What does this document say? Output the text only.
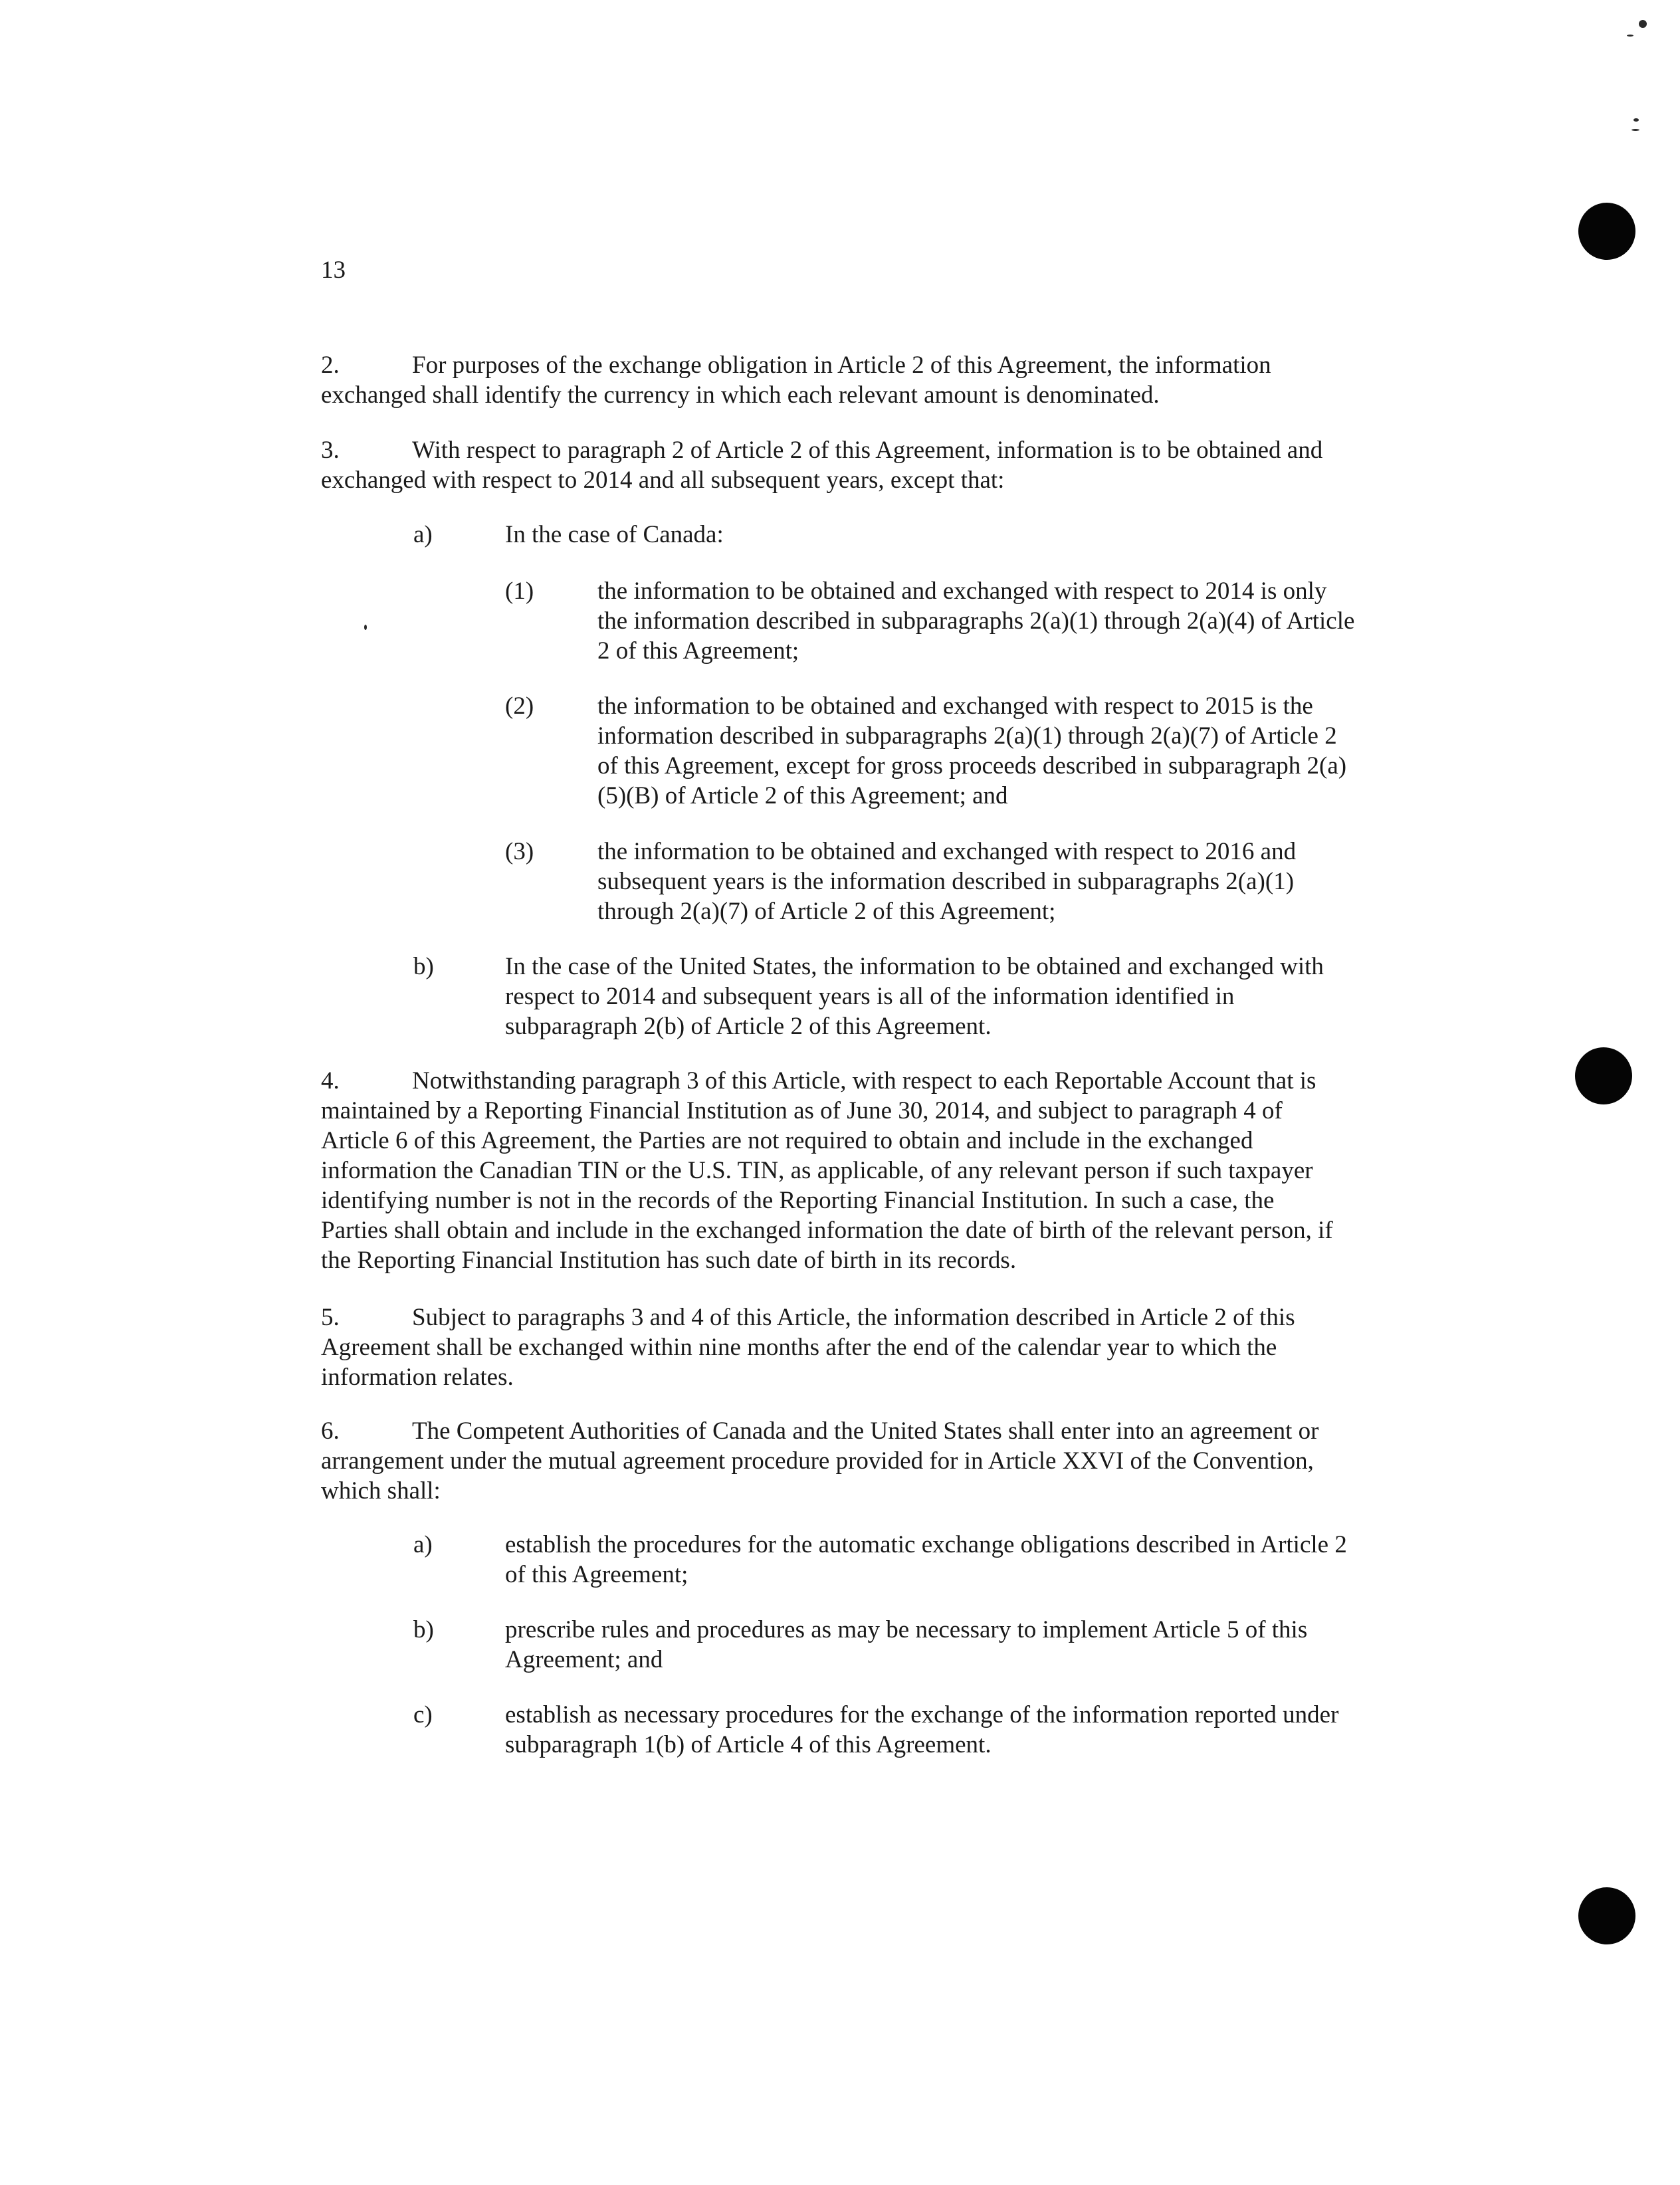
13
2.	For purposes of the exchange obligation in Article 2 of this Agreement, the information exchanged shall identify the currency in which each relevant amount is denominated.
3.	With respect to paragraph 2 of Article 2 of this Agreement, information is to be obtained and exchanged with respect to 2014 and all subsequent years, except that:
a)	In the case of Canada:
(1)	the information to be obtained and exchanged with respect to 2014 is only the information described in subparagraphs 2(a)(1) through 2(a)(4) of Article 2 of this Agreement;
(2)	the information to be obtained and exchanged with respect to 2015 is the information described in subparagraphs 2(a)(1) through 2(a)(7) of Article 2 of this Agreement, except for gross proceeds described in subparagraph 2(a)(5)(B) of Article 2 of this Agreement; and
(3)	the information to be obtained and exchanged with respect to 2016 and subsequent years is the information described in subparagraphs 2(a)(1) through 2(a)(7) of Article 2 of this Agreement;
b)	In the case of the United States, the information to be obtained and exchanged with respect to 2014 and subsequent years is all of the information identified in subparagraph 2(b) of Article 2 of this Agreement.
4.	Notwithstanding paragraph 3 of this Article, with respect to each Reportable Account that is maintained by a Reporting Financial Institution as of June 30, 2014, and subject to paragraph 4 of Article 6 of this Agreement, the Parties are not required to obtain and include in the exchanged information the Canadian TIN or the U.S. TIN, as applicable, of any relevant person if such taxpayer identifying number is not in the records of the Reporting Financial Institution. In such a case, the Parties shall obtain and include in the exchanged information the date of birth of the relevant person, if the Reporting Financial Institution has such date of birth in its records.
5.	Subject to paragraphs 3 and 4 of this Article, the information described in Article 2 of this Agreement shall be exchanged within nine months after the end of the calendar year to which the information relates.
6.	The Competent Authorities of Canada and the United States shall enter into an agreement or arrangement under the mutual agreement procedure provided for in Article XXVI of the Convention, which shall:
a)	establish the procedures for the automatic exchange obligations described in Article 2 of this Agreement;
b)	prescribe rules and procedures as may be necessary to implement Article 5 of this Agreement; and
c)	establish as necessary procedures for the exchange of the information reported under subparagraph 1(b) of Article 4 of this Agreement.
